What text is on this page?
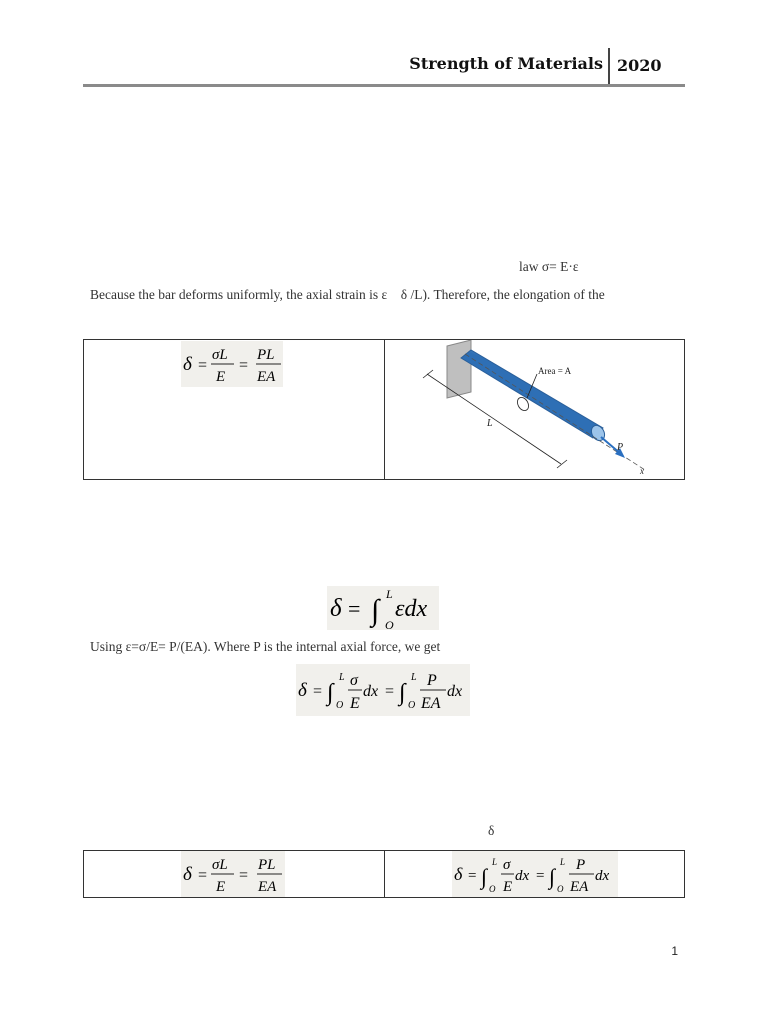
Strength of Materials 2020
law σ= E·ε
Because the bar deforms uniformly, the axial strain is ε    δ /L). Therefore, the elongation of the
δ =
σL
E
=
PL
EA	Area = A
L
P
x
δ = ∫ L
O
εdx
Using ε=σ/E= P/(EA). Where P is the internal axial force, we get
δ = ∫
L
O
σ
E
dx = ∫
L
O
P
EA
dx
δ
δ =
σL
E
=
PL
EA
δ = ∫
L
O
σ
E
dx = ∫
L
O
P
EA
dx
1
